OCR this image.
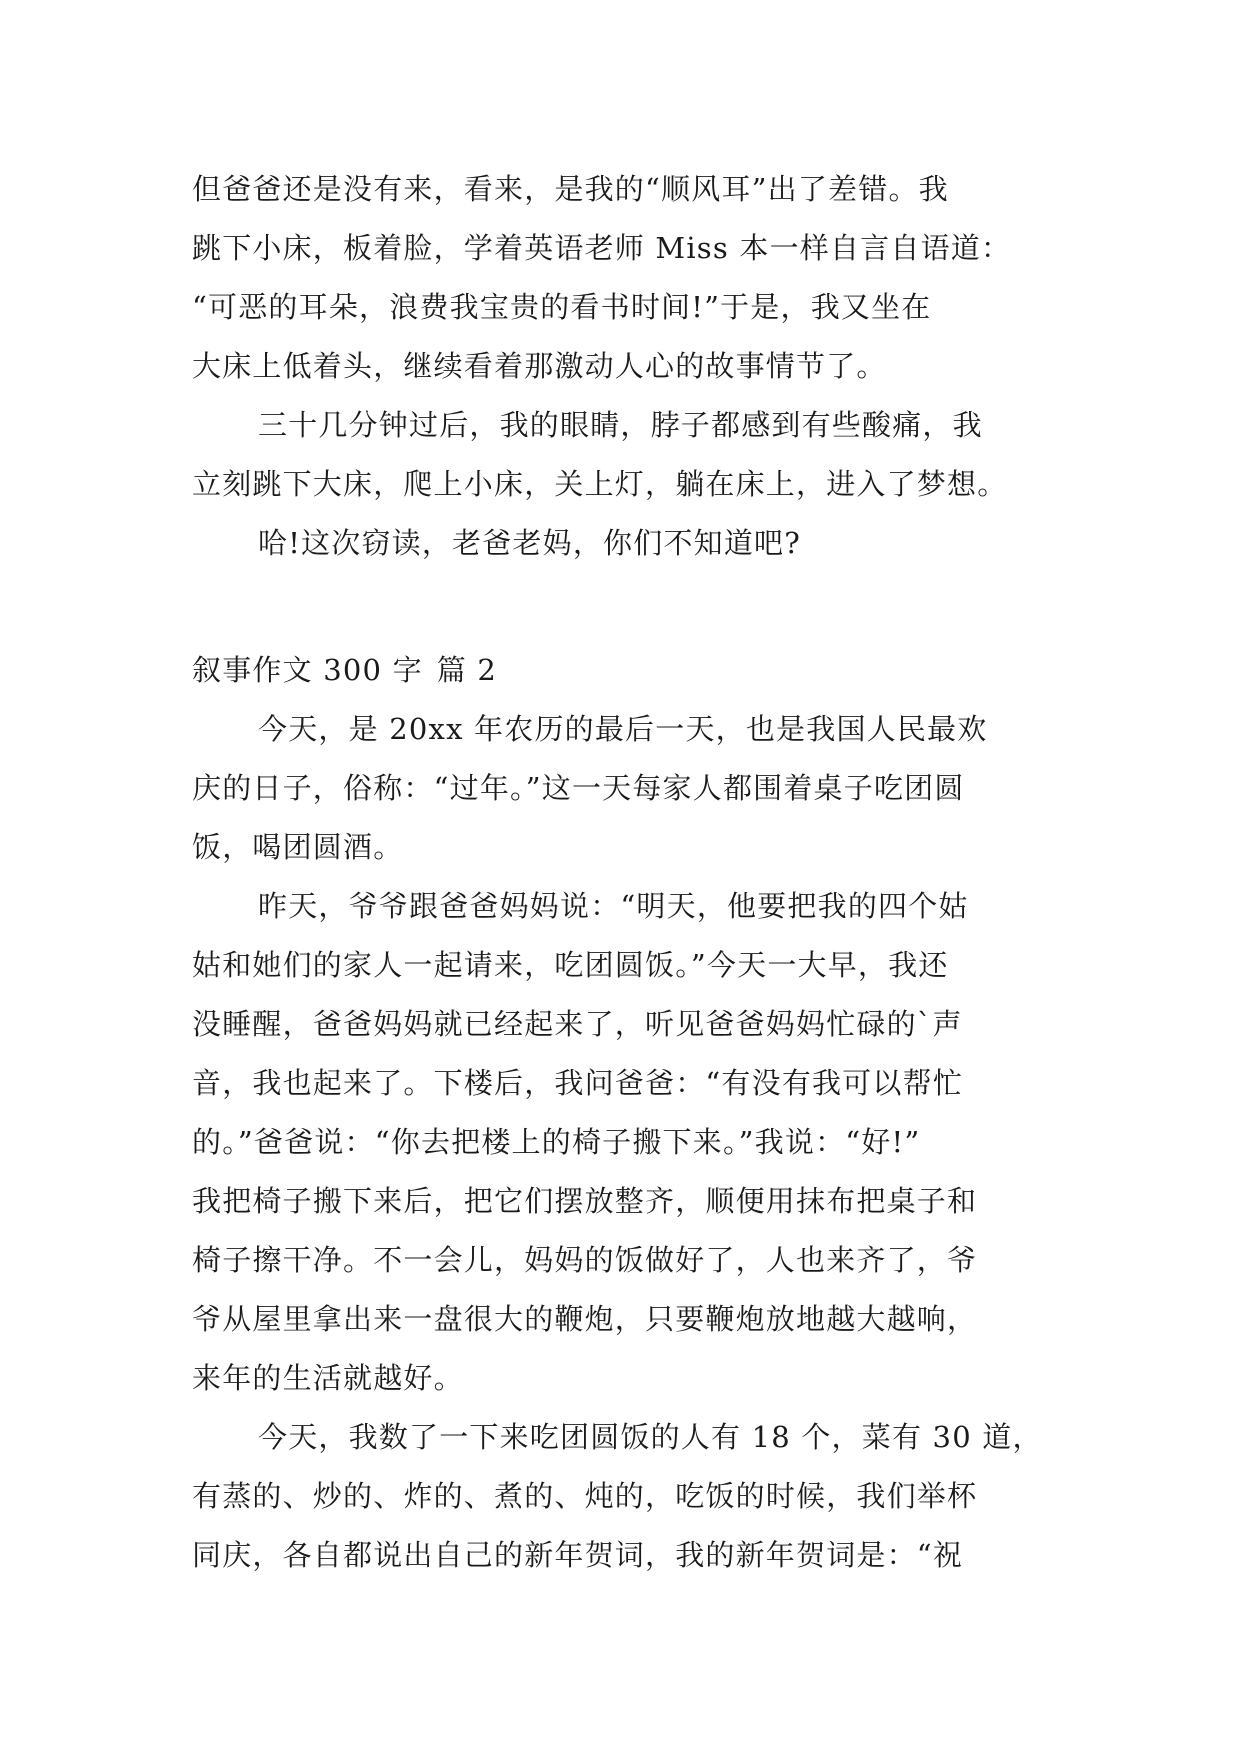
但爸爸还是没有来，看来，是我的“顺风耳”出了差错。我
跳下小床，板着脸，学着英语老师 Miss 本一样自言自语道：
“可恶的耳朵，浪费我宝贵的看书时间!”于是，我又坐在
大床上低着头，继续看着那激动人心的故事情节了。
三十几分钟过后，我的眼睛，脖子都感到有些酸痛，我
立刻跳下大床，爬上小床，关上灯，躺在床上，进入了梦想。
哈!这次窃读，老爸老妈，你们不知道吧?
叙事作文 300 字 篇 2
今天，是 20xx 年农历的最后一天，也是我国人民最欢
庆的日子，俗称：“过年。”这一天每家人都围着桌子吃团圆
饭，喝团圆酒。
昨天，爷爷跟爸爸妈妈说：“明天，他要把我的四个姑
姑和她们的家人一起请来，吃团圆饭。”今天一大早，我还
没睡醒，爸爸妈妈就已经起来了，听见爸爸妈妈忙碌的`声
音，我也起来了。下楼后，我问爸爸：“有没有我可以帮忙
的。”爸爸说：“你去把楼上的椅子搬下来。”我说：“好!”
我把椅子搬下来后，把它们摆放整齐，顺便用抹布把桌子和
椅子擦干净。不一会儿，妈妈的饭做好了，人也来齐了，爷
爷从屋里拿出来一盘很大的鞭炮，只要鞭炮放地越大越响，
来年的生活就越好。
今天，我数了一下来吃团圆饭的人有 18 个，菜有 30 道，
有蒸的、炒的、炸的、煮的、炖的，吃饭的时候，我们举杯
同庆，各自都说出自己的新年贺词，我的新年贺词是：“祝
